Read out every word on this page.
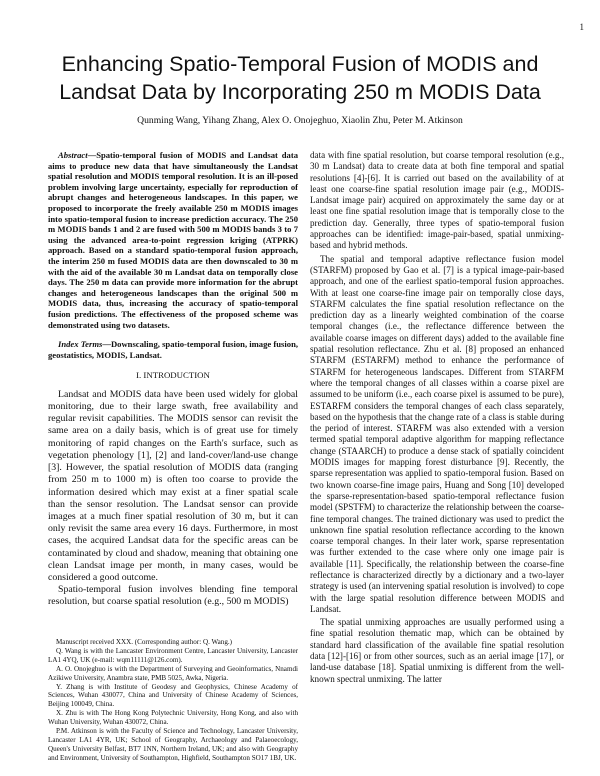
1
Enhancing Spatio-Temporal Fusion of MODIS and Landsat Data by Incorporating 250 m MODIS Data
Qunming Wang, Yihang Zhang, Alex O. Onojeghuo, Xiaolin Zhu, Peter M. Atkinson

Abstract—Spatio-temporal fusion of MODIS and Landsat data aims to produce new data that have simultaneously the Landsat spatial resolution and MODIS temporal resolution. It is an ill-posed problem involving large uncertainty, especially for reproduction of abrupt changes and heterogeneous landscapes. In this paper, we proposed to incorporate the freely available 250 m MODIS images into spatio-temporal fusion to increase prediction accuracy. The 250 m MODIS bands 1 and 2 are fused with 500 m MODIS bands 3 to 7 using the advanced area-to-point regression kriging (ATPRK) approach. Based on a standard spatio-temporal fusion approach, the interim 250 m fused MODIS data are then downscaled to 30 m with the aid of the available 30 m Landsat data on temporally close days. The 250 m data can provide more information for the abrupt changes and heterogeneous landscapes than the original 500 m MODIS data, thus, increasing the accuracy of spatio-temporal fusion predictions. The effectiveness of the proposed scheme was demonstrated using two datasets.

Index Terms—Downscaling, spatio-temporal fusion, image fusion, geostatistics, MODIS, Landsat.

I. INTRODUCTION

Landsat and MODIS data have been used widely for global monitoring, due to their large swath, free availability and regular revisit capabilities. The MODIS sensor can revisit the same area on a daily basis, which is of great use for timely monitoring of rapid changes on the Earth's surface, such as vegetation phenology [1], [2] and land-cover/land-use change [3]. However, the spatial resolution of MODIS data (ranging from 250 m to 1000 m) is often too coarse to provide the information desired which may exist at a finer spatial scale than the sensor resolution. The Landsat sensor can provide images at a much finer spatial resolution of 30 m, but it can only revisit the same area every 16 days. Furthermore, in most cases, the acquired Landsat data for the specific areas can be contaminated by cloud and shadow, meaning that obtaining one clean Landsat image per month, in many cases, would be considered a good outcome.

Spatio-temporal fusion involves blending fine temporal resolution, but coarse spatial resolution (e.g., 500 m MODIS)

Manuscript received XXX. (Corresponding author: Q. Wang.)

Q. Wang is with the Lancaster Environment Centre, Lancaster University, Lancaster LA1 4YQ, UK (e-mail: wqm11111@126.com).

A. O. Onojeghuo is with the Department of Surveying and Geoinformatics, Nnamdi Azikiwe University, Anambra state, PMB 5025, Awka, Nigeria.

Y. Zhang is with Institute of Geodesy and Geophysics, Chinese Academy of Sciences, Wuhan 430077, China and University of Chinese Academy of Sciences, Beijing 100049, China.

X. Zhu is with The Hong Kong Polytechnic University, Hong Kong, and also with Wuhan University, Wuhan 430072, China.

P.M. Atkinson is with the Faculty of Science and Technology, Lancaster University, Lancaster LA1 4YR, UK; School of Geography, Archaeology and Palaeoecology, Queen's University Belfast, BT7 1NN, Northern Ireland, UK; and also with Geography and Environment, University of Southampton, Highfield, Southampton SO17 1BJ, UK.

data with fine spatial resolution, but coarse temporal resolution (e.g., 30 m Landsat) data to create data at both fine temporal and spatial resolutions [4]-[6]. It is carried out based on the availability of at least one coarse-fine spatial resolution image pair (e.g., MODIS-Landsat image pair) acquired on approximately the same day or at least one fine spatial resolution image that is temporally close to the prediction day. Generally, three types of spatio-temporal fusion approaches can be identified: image-pair-based, spatial unmixing-based and hybrid methods.

The spatial and temporal adaptive reflectance fusion model (STARFM) proposed by Gao et al. [7] is a typical image-pair-based approach, and one of the earliest spatio-temporal fusion approaches. With at least one coarse-fine image pair on temporally close days, STARFM calculates the fine spatial resolution reflectance on the prediction day as a linearly weighted combination of the coarse temporal changes (i.e., the reflectance difference between the available coarse images on different days) added to the available fine spatial resolution reflectance. Zhu et al. [8] proposed an enhanced STARFM (ESTARFM) method to enhance the performance of STARFM for heterogeneous landscapes. Different from STARFM where the temporal changes of all classes within a coarse pixel are assumed to be uniform (i.e., each coarse pixel is assumed to be pure), ESTARFM considers the temporal changes of each class separately, based on the hypothesis that the change rate of a class is stable during the period of interest. STARFM was also extended with a version termed spatial temporal adaptive algorithm for mapping reflectance change (STAARCH) to produce a dense stack of spatially coincident MODIS images for mapping forest disturbance [9]. Recently, the sparse representation was applied to spatio-temporal fusion. Based on two known coarse-fine image pairs, Huang and Song [10] developed the sparse-representation-based spatio-temporal reflectance fusion model (SPSTFM) to characterize the relationship between the coarse-fine temporal changes. The trained dictionary was used to predict the unknown fine spatial resolution reflectance according to the known coarse temporal changes. In their later work, sparse representation was further extended to the case where only one image pair is available [11]. Specifically, the relationship between the coarse-fine reflectance is characterized directly by a dictionary and a two-layer strategy is used (an intervening spatial resolution is involved) to cope with the large spatial resolution difference between MODIS and Landsat.

The spatial unmixing approaches are usually performed using a fine spatial resolution thematic map, which can be obtained by standard hard classification of the available fine spatial resolution data [12]-[16] or from other sources, such as an aerial image [17], or land-use database [18]. Spatial unmixing is different from the well-known spectral unmixing. The latter
